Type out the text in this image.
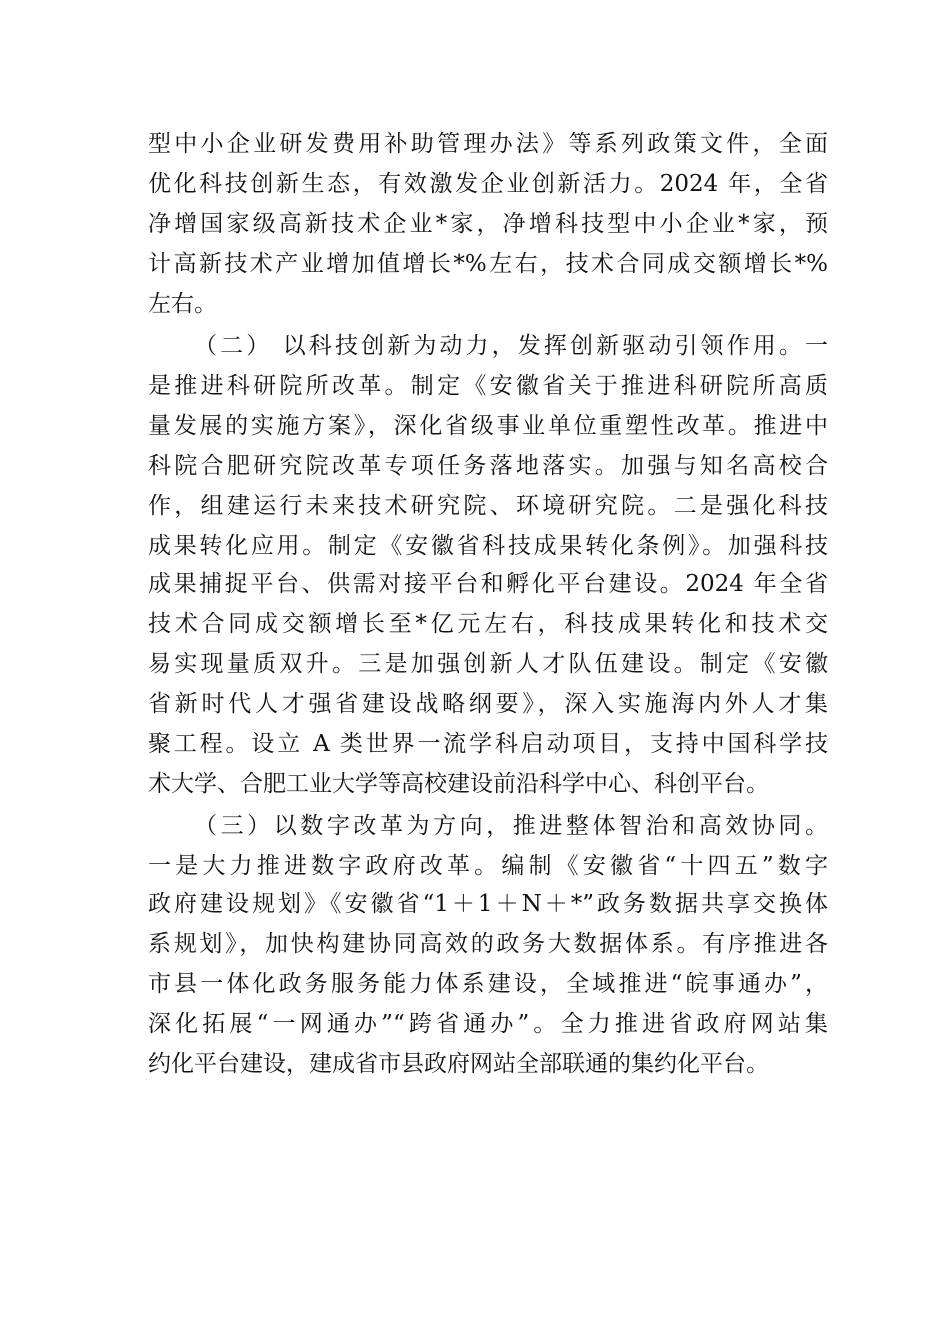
型中小企业研发费用补助管理办法》等系列政策文件，全面
优化科技创新生态，有效激发企业创新活力。2024 年，全省
净增国家级高新技术企业*家，净增科技型中小企业*家，预
计高新技术产业增加值增长*%左右，技术合同成交额增长*%
左右。
（二） 以科技创新为动力，发挥创新驱动引领作用。一
是推进科研院所改革。制定《安徽省关于推进科研院所高质
量发展的实施方案》，深化省级事业单位重塑性改革。推进中
科院合肥研究院改革专项任务落地落实。加强与知名高校合
作，组建运行未来技术研究院、环境研究院。二是强化科技
成果转化应用。制定《安徽省科技成果转化条例》。加强科技
成果捕捉平台、供需对接平台和孵化平台建设。2024 年全省
技术合同成交额增长至*亿元左右，科技成果转化和技术交
易实现量质双升。三是加强创新人才队伍建设。制定《安徽
省新时代人才强省建设战略纲要》，深入实施海内外人才集
聚工程。设立 A 类世界一流学科启动项目，支持中国科学技
术大学、合肥工业大学等高校建设前沿科学中心、科创平台。
（三）以数字改革为方向，推进整体智治和高效协同。
一是大力推进数字政府改革。编制《安徽省“十四五”数字
政府建设规划》《安徽省“1＋1＋N＋*”政务数据共享交换体
系规划》，加快构建协同高效的政务大数据体系。有序推进各
市县一体化政务服务能力体系建设，全域推进“皖事通办”，
深化拓展“一网通办”“跨省通办”。全力推进省政府网站集
约化平台建设，建成省市县政府网站全部联通的集约化平台。
